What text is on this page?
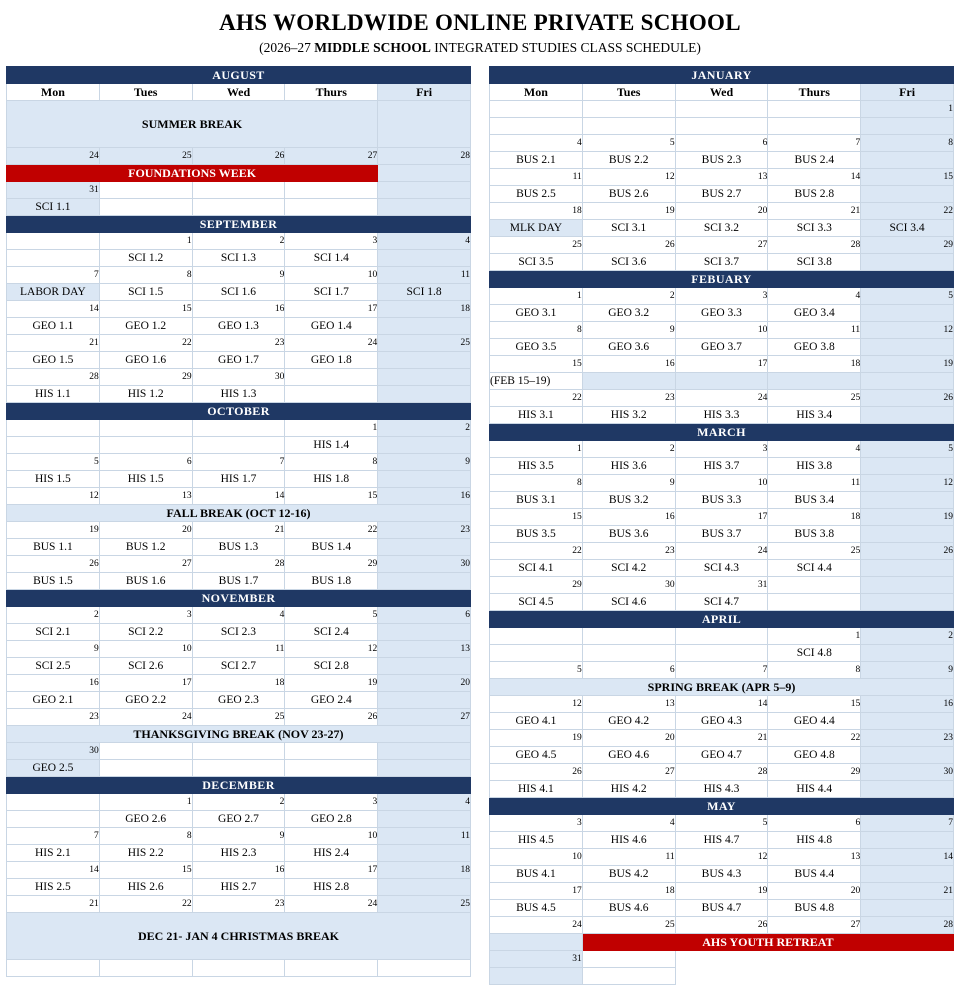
AHS WORLDWIDE ONLINE PRIVATE SCHOOL
(2026–27 MIDDLE SCHOOL INTEGRATED STUDIES CLASS SCHEDULE)
AUGUST				
Mon	Tues	Wed	Thurs	Fri
SUMMER BREAK				
24	25	26	27	28
FOUNDATIONS WEEK				
31				
SCI 1.1				
SEPTEMBER				
	1	2	3	4
	SCI 1.2	SCI 1.3	SCI 1.4	
7	8	9	10	11
LABOR DAY	SCI 1.5	SCI 1.6	SCI 1.7	SCI 1.8
14	15	16	17	18
GEO 1.1	GEO 1.2	GEO 1.3	GEO 1.4	
21	22	23	24	25
GEO 1.5	GEO 1.6	GEO 1.7	GEO 1.8	
28	29	30		
HIS 1.1	HIS 1.2	HIS 1.3		
OCTOBER				
			1	2
			HIS 1.4	
5	6	7	8	9
HIS 1.5	HIS 1.5	HIS 1.7	HIS 1.8	
12	13	14	15	16
FALL BREAK (OCT 12-16)				
19	20	21	22	23
BUS 1.1	BUS 1.2	BUS 1.3	BUS 1.4	
26	27	28	29	30
BUS 1.5	BUS 1.6	BUS 1.7	BUS 1.8	
NOVEMBER				
2	3	4	5	6
SCI 2.1	SCI 2.2	SCI 2.3	SCI 2.4	
9	10	11	12	13
SCI 2.5	SCI 2.6	SCI 2.7	SCI 2.8	
16	17	18	19	20
GEO 2.1	GEO 2.2	GEO 2.3	GEO 2.4	
23	24	25	26	27
THANKSGIVING BREAK (NOV 23-27)				
30				
GEO 2.5				
DECEMBER				
	1	2	3	4
	GEO 2.6	GEO 2.7	GEO 2.8	
7	8	9	10	11
HIS 2.1	HIS 2.2	HIS 2.3	HIS 2.4	
14	15	16	17	18
HIS 2.5	HIS 2.6	HIS 2.7	HIS 2.8	
21	22	23	24	25
DEC 21- JAN 4 CHRISTMAS BREAK				

JANUARY				
Mon	Tues	Wed	Thurs	Fri
				1

4	5	6	7	8
BUS 2.1	BUS 2.2	BUS 2.3	BUS 2.4	
11	12	13	14	15
BUS 2.5	BUS 2.6	BUS 2.7	BUS 2.8	
18	19	20	21	22
MLK DAY	SCI 3.1	SCI 3.2	SCI 3.3	SCI 3.4
25	26	27	28	29
SCI 3.5	SCI 3.6	SCI 3.7	SCI 3.8	
FEBUARY				
1	2	3	4	5
GEO 3.1	GEO 3.2	GEO 3.3	GEO 3.4	
8	9	10	11	12
GEO 3.5	GEO 3.6	GEO 3.7	GEO 3.8	
15	16	17	18	19
(FEB 15–19)				
22	23	24	25	26
HIS 3.1	HIS 3.2	HIS 3.3	HIS 3.4	
MARCH				
1	2	3	4	5
HIS 3.5	HIS 3.6	HIS 3.7	HIS 3.8	
8	9	10	11	12
BUS 3.1	BUS 3.2	BUS 3.3	BUS 3.4	
15	16	17	18	19
BUS 3.5	BUS 3.6	BUS 3.7	BUS 3.8	
22	23	24	25	26
SCI 4.1	SCI 4.2	SCI 4.3	SCI 4.4	
29	30	31		
SCI 4.5	SCI 4.6	SCI 4.7		
APRIL				
			1	2
			SCI 4.8	
5	6	7	8	9
SPRING BREAK (APR 5–9)				
12	13	14	15	16
GEO 4.1	GEO 4.2	GEO 4.3	GEO 4.4	
19	20	21	22	23
GEO 4.5	GEO 4.6	GEO 4.7	GEO 4.8	
26	27	28	29	30
HIS 4.1	HIS 4.2	HIS 4.3	HIS 4.4	
MAY				
3	4	5	6	7
HIS 4.5	HIS 4.6	HIS 4.7	HIS 4.8	
10	11	12	13	14
BUS 4.1	BUS 4.2	BUS 4.3	BUS 4.4	
17	18	19	20	21
BUS 4.5	BUS 4.6	BUS 4.7	BUS 4.8	
24	25	26	27	28
	AHS YOUTH RETREAT			
31				
